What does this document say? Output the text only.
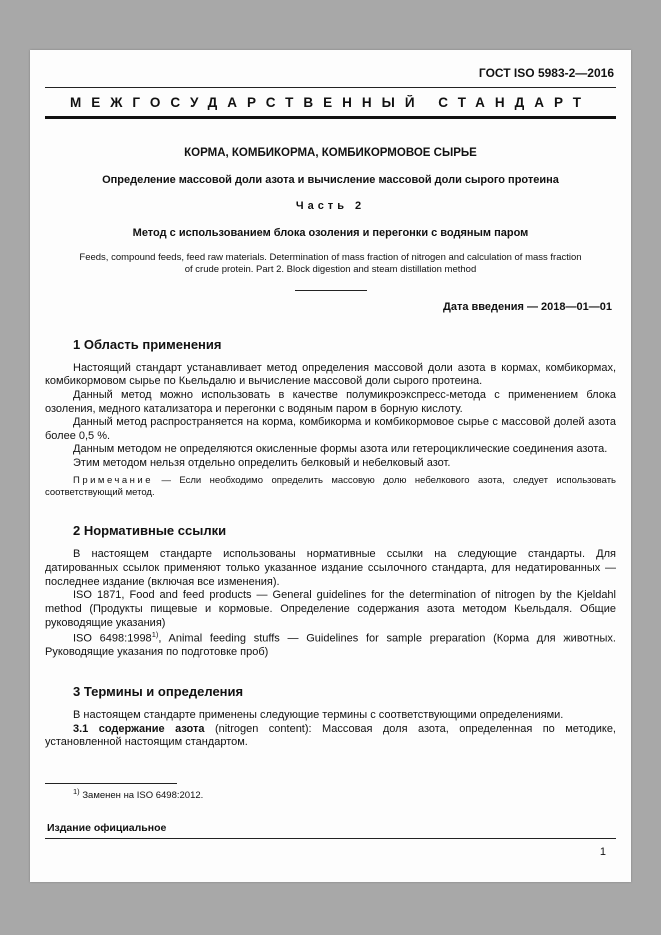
ГОСТ ISO 5983-2—2016
МЕЖГОСУДАРСТВЕННЫЙ СТАНДАРТ
КОРМА, КОМБИКОРМА, КОМБИКОРМОВОЕ СЫРЬЕ
Определение массовой доли азота и вычисление массовой доли сырого протеина
Часть 2
Метод с использованием блока озоления и перегонки с водяным паром
Feeds, compound feeds, feed raw materials. Determination of mass fraction of nitrogen and calculation of mass fraction of crude protein. Part 2. Block digestion and steam distillation method
Дата введения — 2018—01—01
1 Область применения

Настоящий стандарт устанавливает метод определения массовой доли азота в кормах, комбикормах, комбикормовом сырье по Кьельдалю и вычисление массовой доли сырого протеина.

Данный метод можно использовать в качестве полумикроэкспресс-метода с применением блока озоления, медного катализатора и перегонки с водяным паром в борную кислоту.

Данный метод распространяется на корма, комбикорма и комбикормовое сырье с массовой долей азота более 0,5 %.

Данным методом не определяются окисленные формы азота или гетероциклические соединения азота.

Этим методом нельзя отдельно определить белковый и небелковый азот.

Примечание — Если необходимо определить массовую долю небелкового азота, следует использовать соответствующий метод.

2 Нормативные ссылки

В настоящем стандарте использованы нормативные ссылки на следующие стандарты. Для датированных ссылок применяют только указанное издание ссылочного стандарта, для недатированных — последнее издание (включая все изменения).

ISO 1871, Food and feed products — General guidelines for the determination of nitrogen by the Kjeldahl method (Продукты пищевые и кормовые. Определение содержания азота методом Кьельдаля. Общие руководящие указания)

ISO 6498:1998$^{1)}$, Animal feeding stuffs — Guidelines for sample preparation (Корма для животных. Руководящие указания по подготовке проб)

3 Термины и определения

В настоящем стандарте применены следующие термины с соответствующими определениями.

3.1 содержание азота (nitrogen content): Массовая доля азота, определенная по методике, установленной настоящим стандартом.

$^{1)}$ Заменен на ISO 6498:2012.

Издание официальное
1
